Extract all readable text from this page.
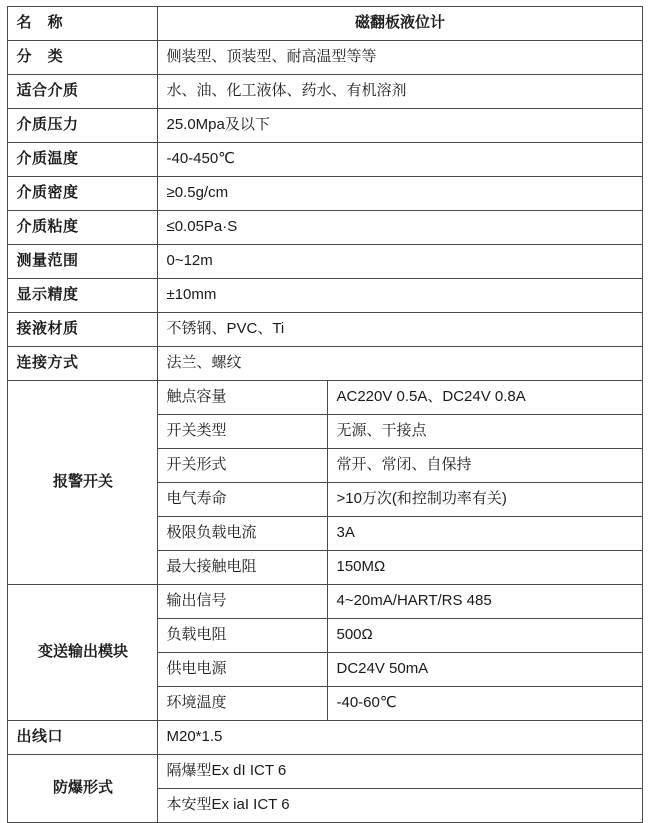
名 称	磁翻板液位计	
分 类	侧装型、顶装型、耐高温型等等	
适合介质	水、油、化工液体、药水、有机溶剂	
介质压力	25.0Mpa及以下	
介质温度	-40-450℃	
介质密度	≥0.5g/cm	
介质粘度	≤0.05Pa·S	
测量范围	0~12m	
显示精度	±10mm	
接液材质	不锈钢、PVC、Ti	
连接方式	法兰、螺纹	
报警开关	触点容量	AC220V 0.5A、DC24V 0.8A
	开关类型	无源、干接点
	开关形式	常开、常闭、自保持
	电气寿命	>10万次(和控制功率有关)
	极限负载电流	3A
	最大接触电阻	150MΩ
变送输出模块	输出信号	4~20mA/HART/RS 485
	负载电阻	500Ω
	供电电源	DC24V 50mA
	环境温度	-40-60℃
出线口	M20*1.5	
防爆形式	隔爆型Ex dI ICT 6	
	本安型Ex iaI ICT 6	
